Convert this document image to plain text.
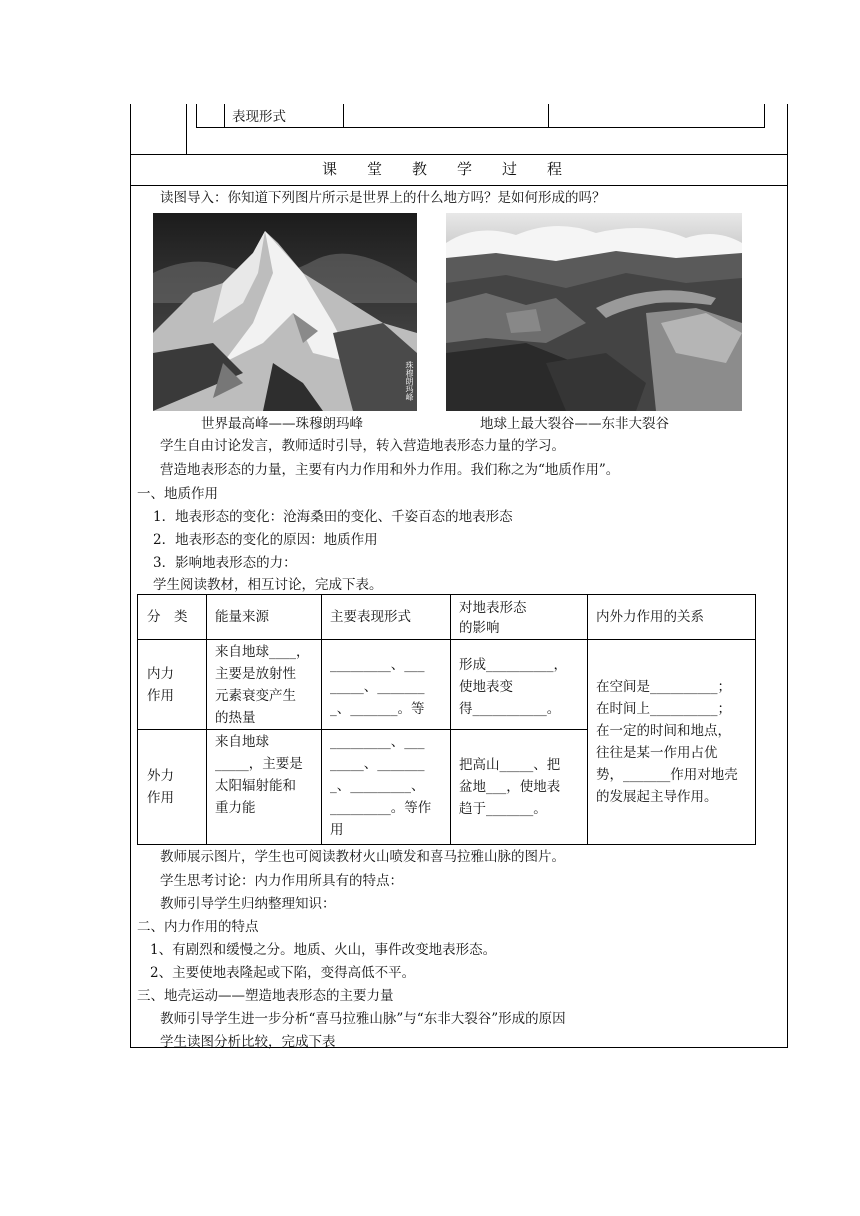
表现形式
课堂教学过程
读图导入：你知道下列图片所示是世界上的什么地方吗？是如何形成的吗？
珠穆朗玛峰
世界最高峰——珠穆朗玛峰	地球上最大裂谷——东非大裂谷
学生自由讨论发言，教师适时引导，转入营造地表形态力量的学习。
营造地表形态的力量，主要有内力作用和外力作用。我们称之为“地质作用”。
一、地质作用
1．地表形态的变化：沧海桑田的变化、千姿百态的地表形态
2．地表形态的变化的原因：地质作用
3．影响地表形态的力：
学生阅读教材，相互讨论，完成下表。
分　类 能量来源	主要表现形式
对地表形态
的影响
内外力作用的关系
内力
作用
来自地球____，
主要是放射性
元素衰变产生
的热量
_________、___
_____、_______
_、_______。等
形成__________，
使地表变
得___________。
外力
作用
来自地球
_____，主要是
太阳辐射能和
重力能
_________、___
_____、_______
_、_________、
_________。等作
用
把高山_____、把
盆地___，使地表
趋于_______。
在空间是__________；
在时间上__________；
在一定的时间和地点，
往往是某一作用占优
势，_______作用对地壳
的发展起主导作用。
教师展示图片，学生也可阅读教材火山喷发和喜马拉雅山脉的图片。
学生思考讨论：内力作用所具有的特点：
教师引导学生归纳整理知识：
二、内力作用的特点
1、有剧烈和缓慢之分。地质、火山，事件改变地表形态。
2、主要使地表隆起或下陷，变得高低不平。
三、地壳运动——塑造地表形态的主要力量
教师引导学生进一步分析“喜马拉雅山脉”与“东非大裂谷”形成的原因
学生读图分析比较，完成下表
